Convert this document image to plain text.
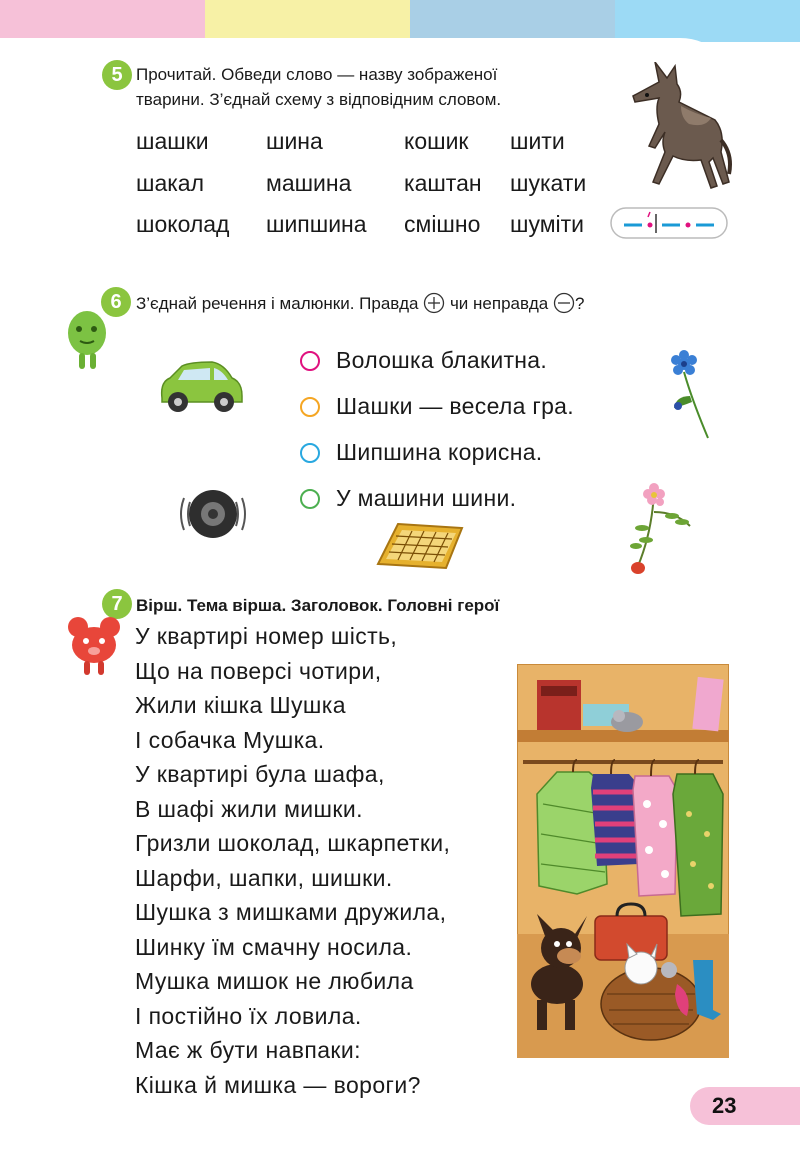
5 Прочитай. Обведи слово — назву зображеної
тварини. З’єднай схему з відповідним словом.
шашки шина	кошик шити
шакал	машина каштан шукати
шоколад шипшина смішно шуміти
6 З’єднай речення і малюнки. Правда чи неправда ?
Волошка блакитна.
Шашки — весела гра.
Шипшина корисна.
У машини шини.
7 Вірш. Тема вірша. Заголовок. Головні герої
У квартирі номер шість,
Що на поверсі чотири,
Жили кішка Шушка
І собачка Мушка.
У квартирі була шафа,
В шафі жили мишки.
Гризли шоколад, шкарпетки,
Шарфи, шапки, шишки.
Шушка з мишками дружила,
Шинку їм смачну носила.
Мушка мишок не любила
І постійно їх ловила.
Має ж бути навпаки:
Кішка й мишка — вороги?
23
